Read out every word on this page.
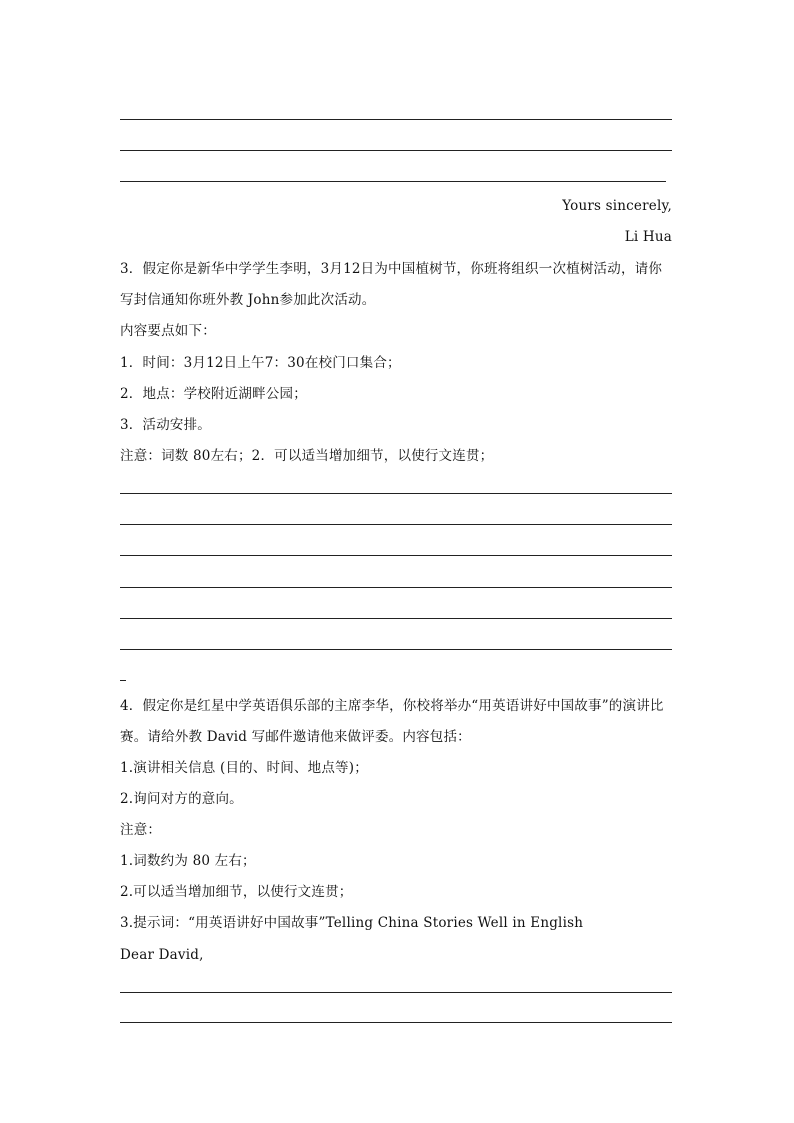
Yours sincerely,
Li Hua
3．假定你是新华中学学生李明，3月12日为中国植树节，你班将组织一次植树活动，请你
写封信通知你班外教 John参加此次活动。
内容要点如下：
1．时间：3月12日上午7：30在校门口集合；
2．地点：学校附近湖畔公园；
3．活动安排。
注意：词数 80左右；2．可以适当增加细节，以使行文连贯；
4．假定你是红星中学英语俱乐部的主席李华，你校将举办“用英语讲好中国故事”的演讲比
赛。请给外教 David 写邮件邀请他来做评委。内容包括：
1.演讲相关信息 (目的、时间、地点等)；
2.询问对方的意向。
注意：
1.词数约为 80 左右；
2.可以适当增加细节，以使行文连贯；
3.提示词：“用英语讲好中国故事”Telling China Stories Well in English
Dear David,
